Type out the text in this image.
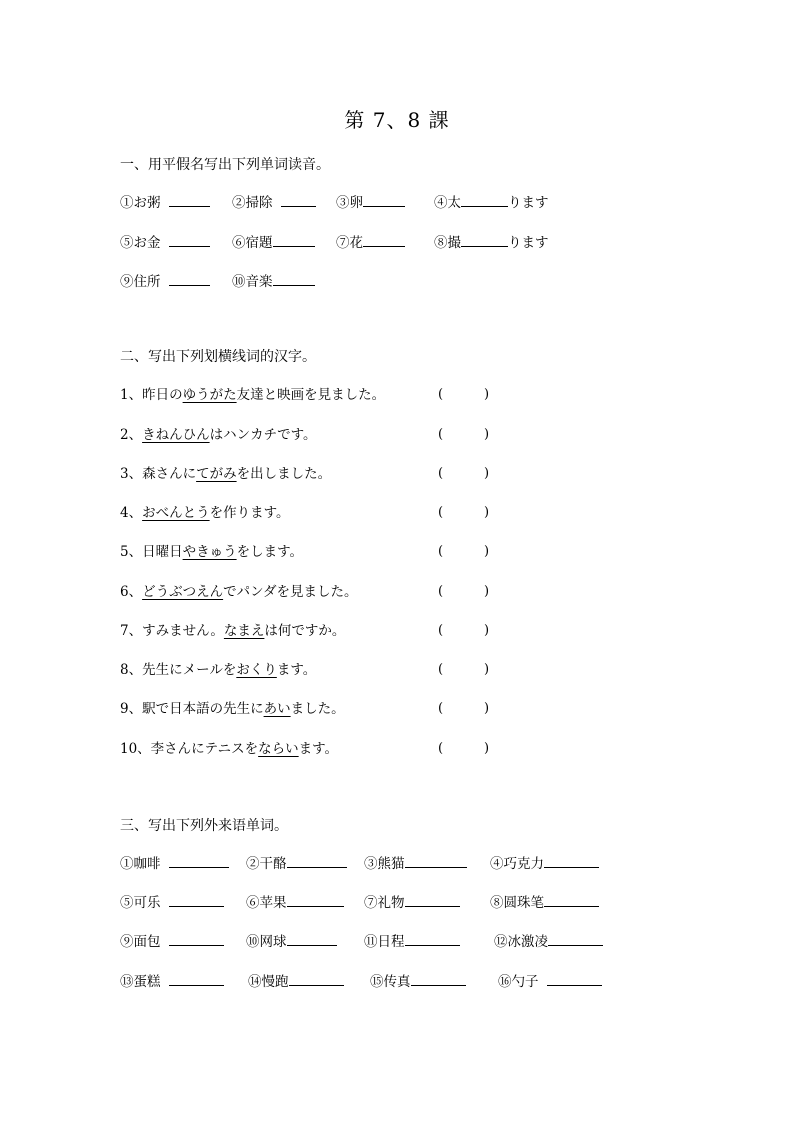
第 7、8 課
一、用平假名写出下列单词读音。
①お粥	②掃除	③卵	④太	ります
⑤お金	⑥宿題	⑦花	⑧撮	ります
⑨住所	⑩音楽
二、写出下列划横线词的汉字。
1、昨日のゆうがた友達と映画を見ました。	(	)
2、きねんひんはハンカチです。	(	)
3、森さんにてがみを出しました。	(	)
4、おべんとうを作ります。	(	)
5、日曜日やきゅうをします。	(	)
6、どうぶつえんでパンダを見ました。	(	)
7、すみません。なまえは何ですか。	(	)
8、先生にメールをおくります。	(	)
9、駅で日本語の先生にあいました。	(	)
10、李さんにテニスをならいます。	(	)
三、写出下列外来语单词。
①咖啡	②干酪	③熊猫	④巧克力
⑤可乐	⑥苹果	⑦礼物	⑧圆珠笔
⑨面包	⑩网球	⑪日程	⑫冰激凌
⑬蛋糕	⑭慢跑	⑮传真	⑯勺子
